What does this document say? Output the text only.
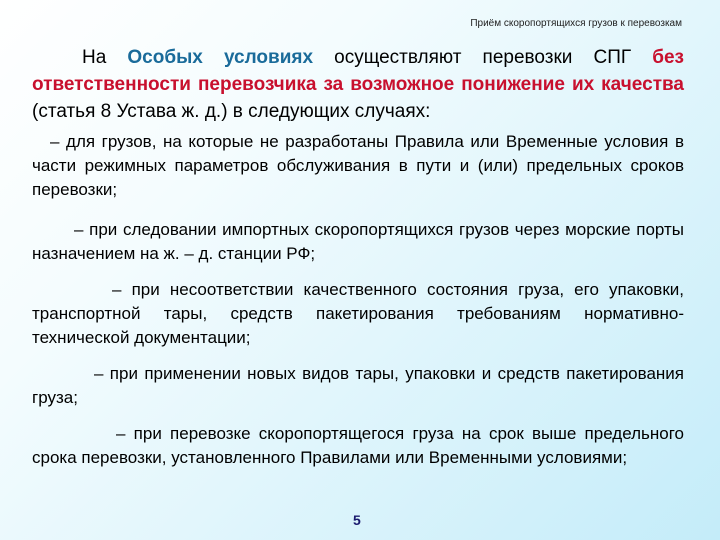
Приём скоропортящихся грузов к перевозкам
На Особых условиях осуществляют перевозки СПГ без ответственности перевозчика за возможное понижение их качества (статья 8 Устава ж. д.) в следующих случаях:
– для грузов, на которые не разработаны Правила или Временные условия в части режимных параметров обслуживания в пути и (или) предельных сроков перевозки;
– при следовании импортных скоропортящихся грузов через морские порты назначением на ж. – д. станции РФ;
– при несоответствии качественного состояния груза, его упаковки, транспортной тары, средств пакетирования требованиям нормативно-технической документации;
– при применении новых видов тары, упаковки и средств пакетирования груза;
– при перевозке скоропортящегося груза на срок выше предельного срока перевозки, установленного Правилами или Временными условиями;
5
